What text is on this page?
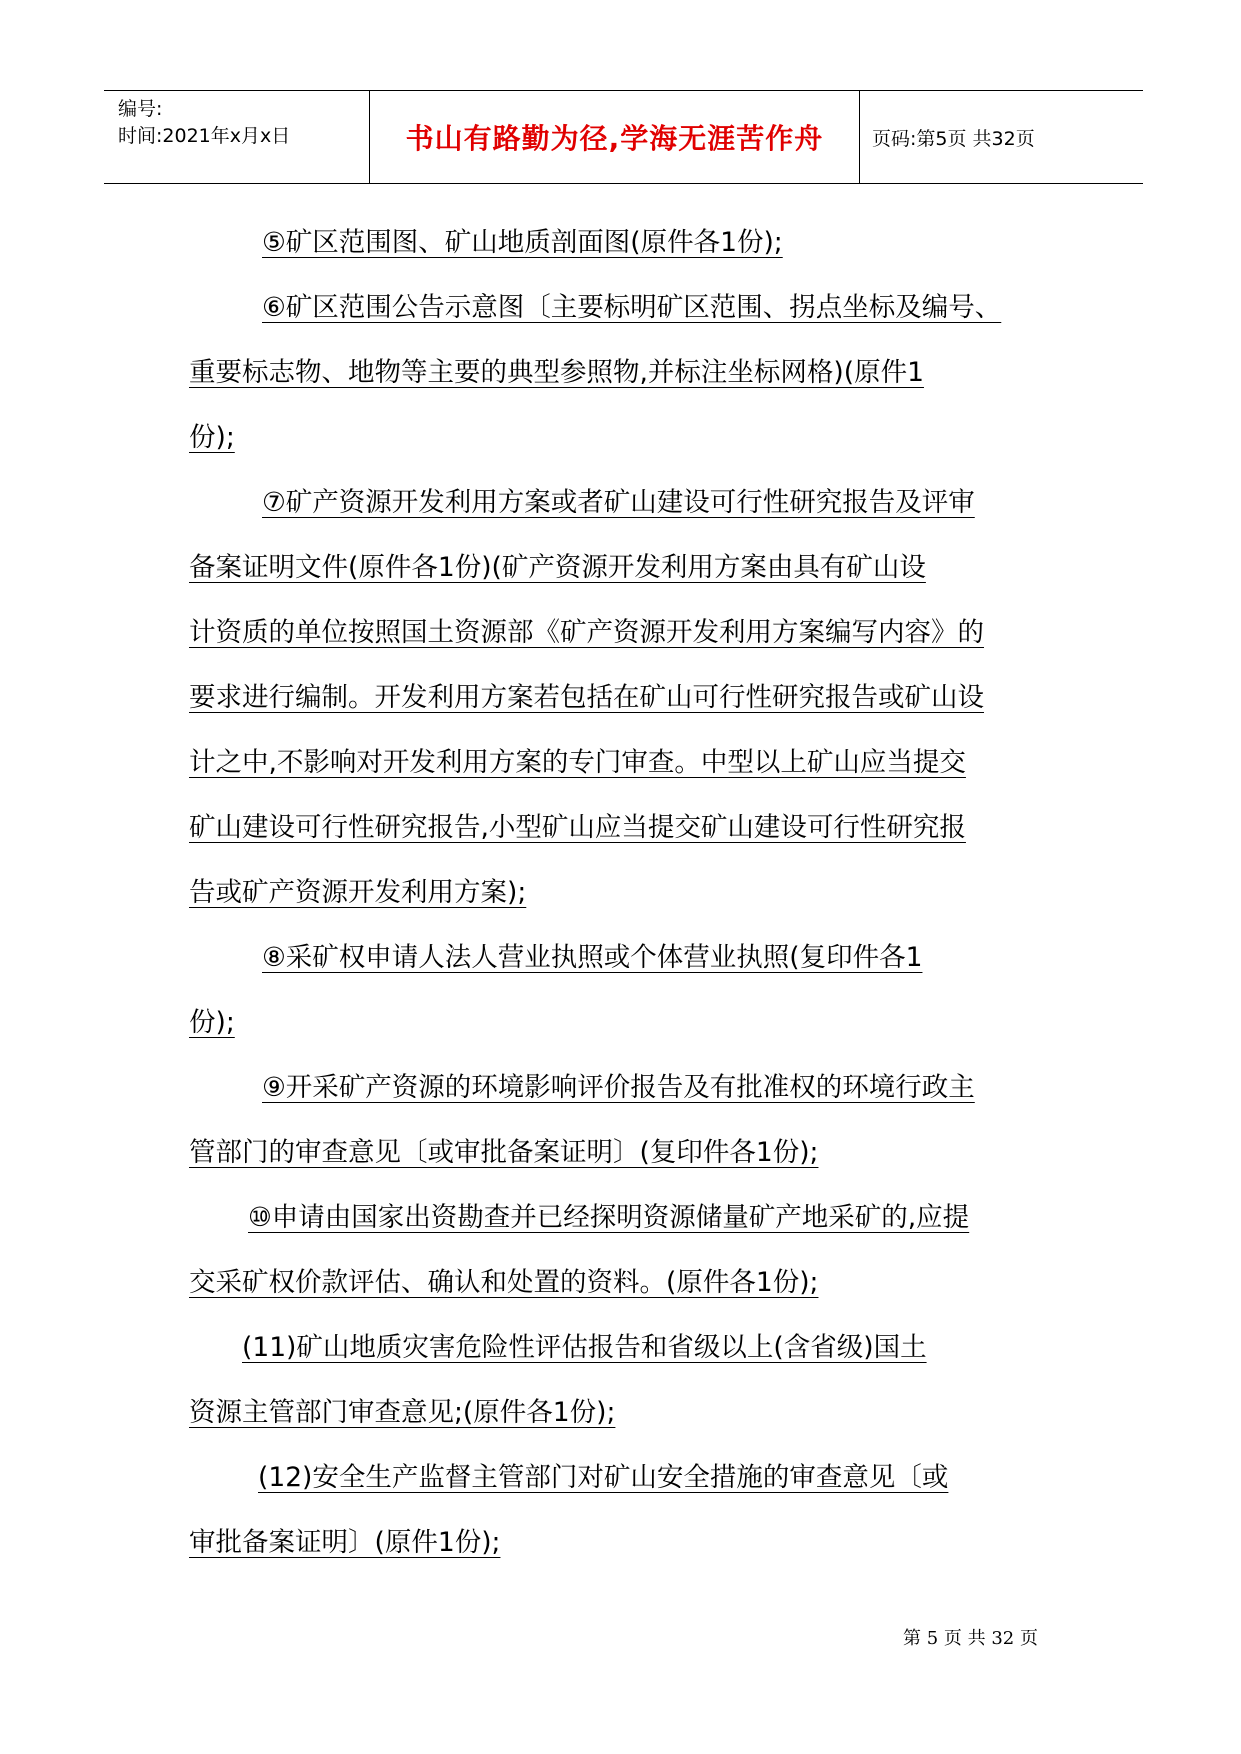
编号:
时间:2021年x月x日	书山有路勤为径,学海无涯苦作舟	页码:第5页 共32页
⑤矿区范围图、矿山地质剖面图(原件各1份);
⑥矿区范围公告示意图〔主要标明矿区范围、拐点坐标及编号、
重要标志物、地物等主要的典型参照物,并标注坐标网格)(原件1
份);
⑦矿产资源开发利用方案或者矿山建设可行性研究报告及评审
备案证明文件(原件各1份)(矿产资源开发利用方案由具有矿山设
计资质的单位按照国土资源部《矿产资源开发利用方案编写内容》的
要求进行编制。开发利用方案若包括在矿山可行性研究报告或矿山设
计之中,不影响对开发利用方案的专门审查。中型以上矿山应当提交
矿山建设可行性研究报告,小型矿山应当提交矿山建设可行性研究报
告或矿产资源开发利用方案);
⑧采矿权申请人法人营业执照或个体营业执照(复印件各1
份);
⑨开采矿产资源的环境影响评价报告及有批准权的环境行政主
管部门的审查意见〔或审批备案证明〕(复印件各1份);
⑩申请由国家出资勘查并已经探明资源储量矿产地采矿的,应提
交采矿权价款评估、确认和处置的资料。(原件各1份);
(11)矿山地质灾害危险性评估报告和省级以上(含省级)国土
资源主管部门审查意见;(原件各1份);
(12)安全生产监督主管部门对矿山安全措施的审查意见〔或
审批备案证明〕(原件1份);
第 5 页 共 32 页
